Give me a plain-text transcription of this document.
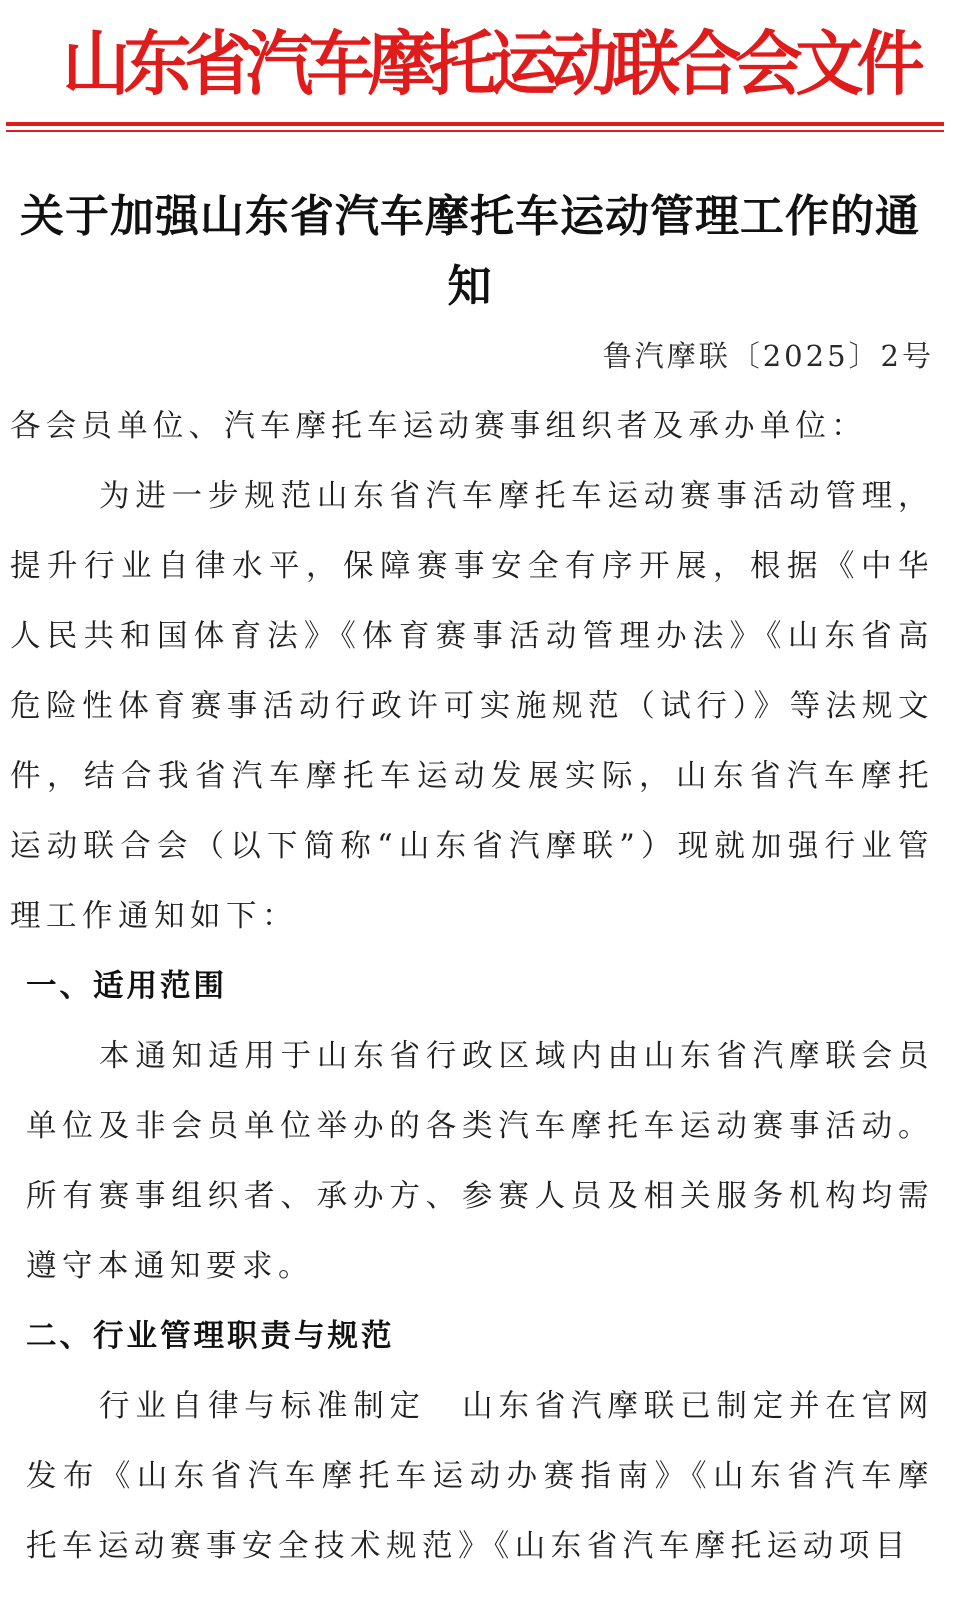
山东省汽车摩托运动联合会文件
关于加强山东省汽车摩托车运动管理工作的通知
鲁汽摩联〔2025〕2号

各会员单位、汽车摩托车运动赛事组织者及承办单位：

为进一步规范山东省汽车摩托车运动赛事活动管理，提升行业自律水平，保障赛事安全有序开展，根据《中华人民共和国体育法》《体育赛事活动管理办法》《山东省高危险性体育赛事活动行政许可实施规范（试行）》等法规文件，结合我省汽车摩托车运动发展实际，山东省汽车摩托运动联合会（以下简称“山东省汽摩联”）现就加强行业管理工作通知如下：

一、适用范围

本通知适用于山东省行政区域内由山东省汽摩联会员单位及非会员单位举办的各类汽车摩托车运动赛事活动。所有赛事组织者、承办方、参赛人员及相关服务机构均需遵守本通知要求。

二、行业管理职责与规范

行业自律与标准制定　山东省汽摩联已制定并在官网发布《山东省汽车摩托车运动办赛指南》《山东省汽车摩托车运动赛事安全技术规范》《山东省汽车摩托运动项目
